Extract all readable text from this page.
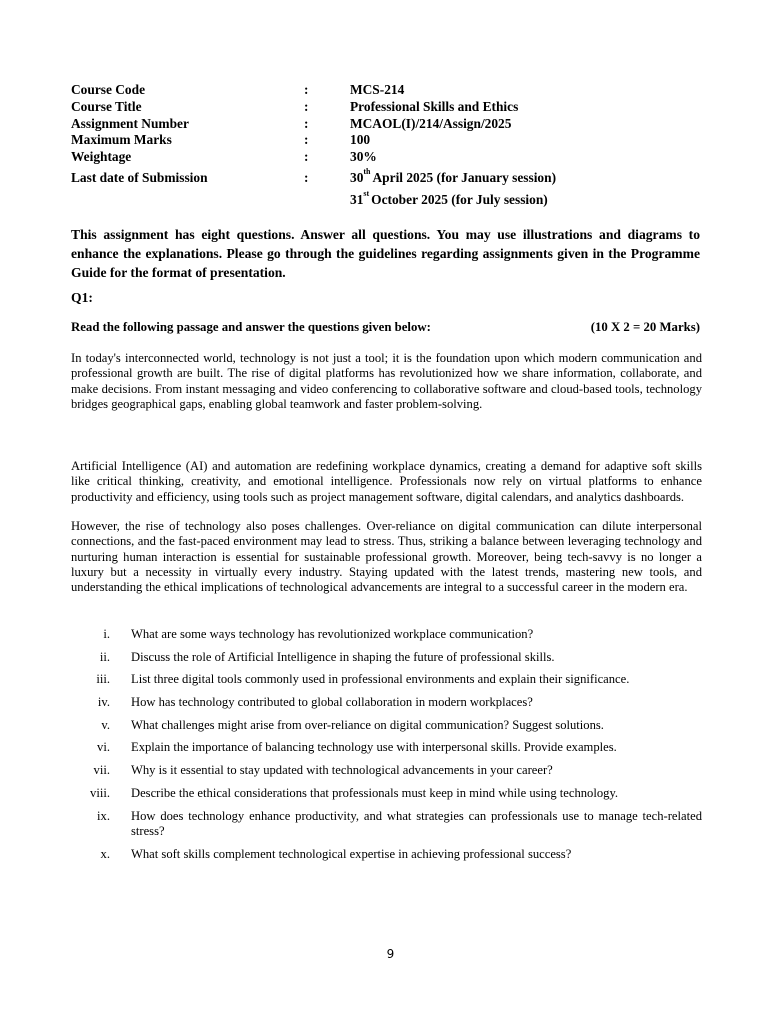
Course Code	:	MCS-214
Course Title	:	Professional Skills and Ethics
Assignment Number	:	MCAOL(I)/214/Assign/2025
Maximum Marks	:	100
Weightage	:	30%
Last date of Submission	:	30th April 2025 (for January session)
31st October 2025 (for July session)
This assignment has eight questions. Answer all questions. You may use illustrations and diagrams to enhance the explanations. Please go through the guidelines regarding assignments given in the Programme Guide for the format of presentation.
Q1:
Read the following passage and answer the questions given below:	(10 X 2 = 20 Marks)
In today's interconnected world, technology is not just a tool; it is the foundation upon which modern communication and professional growth are built. The rise of digital platforms has revolutionized how we share information, collaborate, and make decisions. From instant messaging and video conferencing to collaborative software and cloud-based tools, technology bridges geographical gaps, enabling global teamwork and faster problem-solving.
Artificial Intelligence (AI) and automation are redefining workplace dynamics, creating a demand for adaptive soft skills like critical thinking, creativity, and emotional intelligence. Professionals now rely on virtual platforms to enhance productivity and efficiency, using tools such as project management software, digital calendars, and analytics dashboards.
However, the rise of technology also poses challenges. Over-reliance on digital communication can dilute interpersonal connections, and the fast-paced environment may lead to stress. Thus, striking a balance between leveraging technology and nurturing human interaction is essential for sustainable professional growth. Moreover, being tech-savvy is no longer a luxury but a necessity in virtually every industry. Staying updated with the latest trends, mastering new tools, and understanding the ethical implications of technological advancements are integral to a successful career in the modern era.
i. What are some ways technology has revolutionized workplace communication?
ii. Discuss the role of Artificial Intelligence in shaping the future of professional skills.
iii. List three digital tools commonly used in professional environments and explain their significance.
iv. How has technology contributed to global collaboration in modern workplaces?
v. What challenges might arise from over-reliance on digital communication? Suggest solutions.
vi. Explain the importance of balancing technology use with interpersonal skills. Provide examples.
vii. Why is it essential to stay updated with technological advancements in your career?
viii. Describe the ethical considerations that professionals must keep in mind while using technology.
ix. How does technology enhance productivity, and what strategies can professionals use to manage tech-related stress?
x. What soft skills complement technological expertise in achieving professional success?
9
